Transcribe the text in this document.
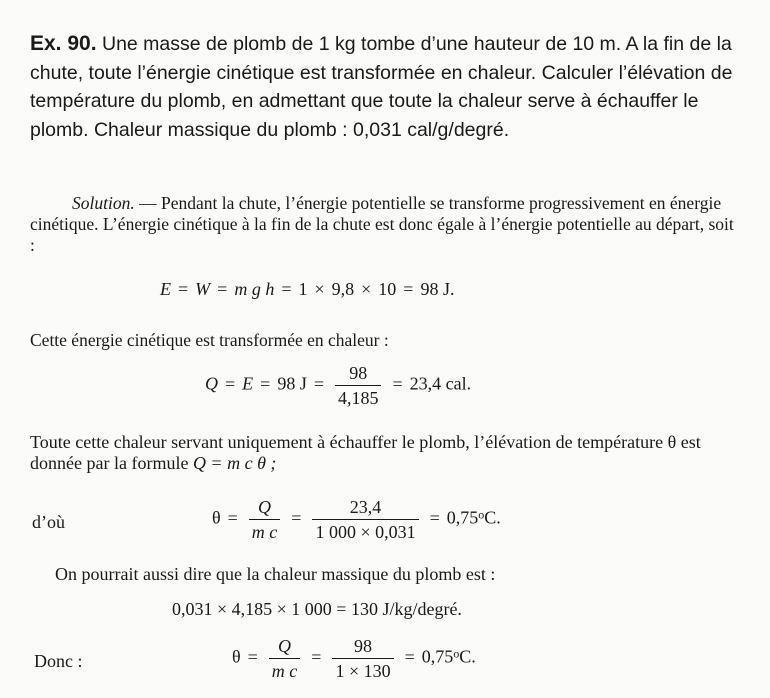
Ex. 90. Une masse de plomb de 1 kg tombe d’une hauteur de 10 m. A la fin de la chute, toute l’énergie cinétique est transformée en chaleur. Calculer l’élévation de température du plomb, en admettant que toute la chaleur serve à échauffer le plomb. Chaleur massique du plomb : 0,031 cal/g/degré.
Solution. — Pendant la chute, l’énergie potentielle se transforme progressivement en énergie cinétique. L’énergie cinétique à la fin de la chute est donc égale à l’énergie potentielle au départ, soit :
E = W = m g h = 1 × 9,8 × 10 = 98 J.
Cette énergie cinétique est transformée en chaleur :
Q = E = 98 $J = \frac{98}{4,185} = 23,4$ cal.
Toute cette chaleur servant uniquement à échauffer le plomb, l’élévation de température θ est donnée par la formule Q = m c θ ;
d’où	$\theta = \frac{Q}{\text{m c}} = \frac{23,4}{1 000 \times 0,031} = 0,75^oC$.
On pourrait aussi dire que la chaleur massique du plomb est :
0,031 × 4,185 × 1 000 = 130 J/kg/degré.
Donc :	$\theta = \frac{Q}{\text{m c}} = \frac{98}{1 \times 130} = 0,75^oC$.
